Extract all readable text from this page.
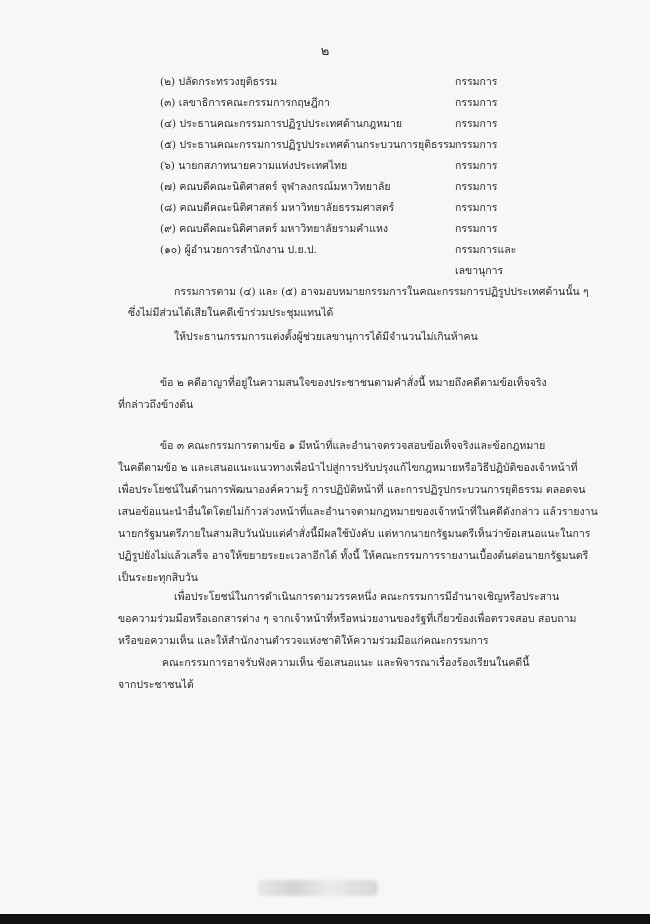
๒
(๒) ปลัดกระทรวงยุติธรรม	กรรมการ
(๓) เลขาธิการคณะกรรมการกฤษฎีกา	กรรมการ
(๔) ประธานคณะกรรมการปฏิรูปประเทศด้านกฎหมาย	กรรมการ
(๕) ประธานคณะกรรมการปฏิรูปประเทศด้านกระบวนการยุติธรรม กรรมการ
(๖) นายกสภาทนายความแห่งประเทศไทย	กรรมการ
(๗) คณบดีคณะนิติศาสตร์ จุฬาลงกรณ์มหาวิทยาลัย	กรรมการ
(๘) คณบดีคณะนิติศาสตร์ มหาวิทยาลัยธรรมศาสตร์	กรรมการ
(๙) คณบดีคณะนิติศาสตร์ มหาวิทยาลัยรามคำแหง	กรรมการ
(๑๐) ผู้อำนวยการสำนักงาน ป.ย.ป.	กรรมการและ
เลขานุการ
กรรมการตาม (๔) และ (๕) อาจมอบหมายกรรมการในคณะกรรมการปฏิรูปประเทศด้านนั้น ๆ
ซึ่งไม่มีส่วนได้เสียในคดีเข้าร่วมประชุมแทนได้
ให้ประธานกรรมการแต่งตั้งผู้ช่วยเลขานุการได้มีจำนวนไม่เกินห้าคน
ข้อ ๒ คดีอาญาที่อยู่ในความสนใจของประชาชนตามคำสั่งนี้ หมายถึงคดีตามข้อเท็จจริง
ที่กล่าวถึงข้างต้น
ข้อ ๓ คณะกรรมการตามข้อ ๑ มีหน้าที่และอำนาจตรวจสอบข้อเท็จจริงและข้อกฎหมาย
ในคดีตามข้อ ๒ และเสนอแนะแนวทางเพื่อนำไปสู่การปรับปรุงแก้ไขกฎหมายหรือวิธีปฏิบัติของเจ้าหน้าที่
เพื่อประโยชน์ในด้านการพัฒนาองค์ความรู้ การปฏิบัติหน้าที่ และการปฏิรูปกระบวนการยุติธรรม ตลอดจน
เสนอข้อแนะนำอื่นใดโดยไม่ก้าวล่วงหน้าที่และอำนาจตามกฎหมายของเจ้าหน้าที่ในคดีดังกล่าว แล้วรายงาน
นายกรัฐมนตรีภายในสามสิบวันนับแต่คำสั่งนี้มีผลใช้บังคับ แต่หากนายกรัฐมนตรีเห็นว่าข้อเสนอแนะในการ
ปฏิรูปยังไม่แล้วเสร็จ อาจให้ขยายระยะเวลาอีกได้ ทั้งนี้ ให้คณะกรรมการรายงานเบื้องต้นต่อนายกรัฐมนตรี
เป็นระยะทุกสิบวัน
เพื่อประโยชน์ในการดำเนินการตามวรรคหนึ่ง คณะกรรมการมีอำนาจเชิญหรือประสาน
ขอความร่วมมือหรือเอกสารต่าง ๆ จากเจ้าหน้าที่หรือหน่วยงานของรัฐที่เกี่ยวข้องเพื่อตรวจสอบ สอบถาม
หรือขอความเห็น และให้สำนักงานตำรวจแห่งชาติให้ความร่วมมือแก่คณะกรรมการ
คณะกรรมการอาจรับฟังความเห็น ข้อเสนอแนะ และพิจารณาเรื่องร้องเรียนในคดีนี้
จากประชาชนได้
